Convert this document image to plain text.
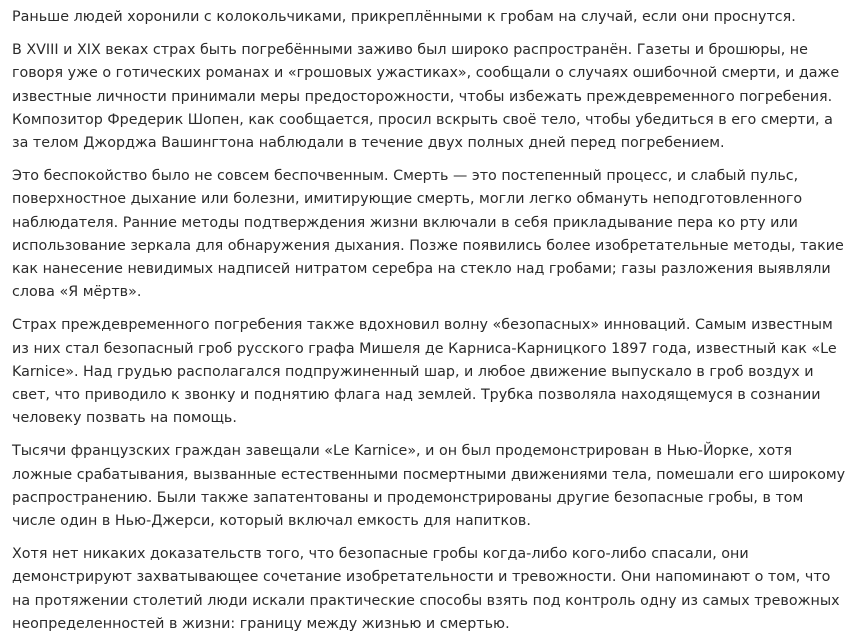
Раньше людей хоронили с колокольчиками, прикреплёнными к гробам на случай, если они проснутся.

В XVIII и XIX веках страх быть погребёнными заживо был широко распространён. Газеты и брошюры, не говоря уже о готических романах и «грошовых ужастиках», сообщали о случаях ошибочной смерти, и даже известные личности принимали меры предосторожности, чтобы избежать преждевременного погребения. Композитор Фредерик Шопен, как сообщается, просил вскрыть своё тело, чтобы убедиться в его смерти, а за телом Джорджа Вашингтона наблюдали в течение двух полных дней перед погребением.

Это беспокойство было не совсем беспочвенным. Смерть — это постепенный процесс, и слабый пульс, поверхностное дыхание или болезни, имитирующие смерть, могли легко обмануть неподготовленного наблюдателя. Ранние методы подтверждения жизни включали в себя прикладывание пера ко рту или использование зеркала для обнаружения дыхания. Позже появились более изобретательные методы, такие как нанесение невидимых надписей нитратом серебра на стекло над гробами; газы разложения выявляли слова «Я мёртв».

Страх преждевременного погребения также вдохновил волну «безопасных» инноваций. Самым известным из них стал безопасный гроб русского графа Мишеля де Карниса-Карницкого 1897 года, известный как «Le Karnice». Над грудью располагался подпружиненный шар, и любое движение выпускало в гроб воздух и свет, что приводило к звонку и поднятию флага над землей. Трубка позволяла находящемуся в сознании человеку позвать на помощь.

Тысячи французских граждан завещали «Le Karnice», и он был продемонстрирован в Нью-Йорке, хотя ложные срабатывания, вызванные естественными посмертными движениями тела, помешали его широкому распространению. Были также запатентованы и продемонстрированы другие безопасные гробы, в том числе один в Нью-Джерси, который включал емкость для напитков.

Хотя нет никаких доказательств того, что безопасные гробы когда-либо кого-либо спасали, они демонстрируют захватывающее сочетание изобретательности и тревожности. Они напоминают о том, что на протяжении столетий люди искали практические способы взять под контроль одну из самых тревожных неопределенностей в жизни: границу между жизнью и смертью.
